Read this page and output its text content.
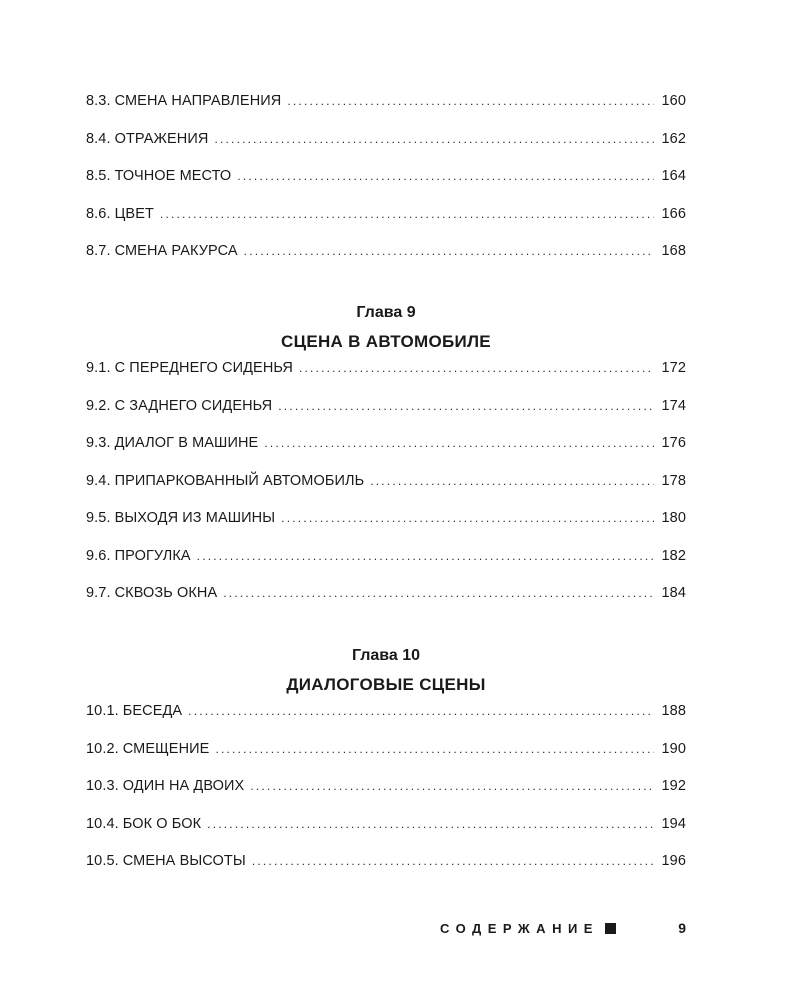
8.3. СМЕНА НАПРАВЛЕНИЯ .....	160
8.4. ОТРАЖЕНИЯ .....	162
8.5. ТОЧНОЕ МЕСТО .....	164
8.6. ЦВЕТ .....	166
8.7. СМЕНА РАКУРСА .....	168
Глава 9
СЦЕНА В АВТОМОБИЛЕ
9.1. С ПЕРЕДНЕГО СИДЕНЬЯ .....	172
9.2. С ЗАДНЕГО СИДЕНЬЯ .....	174
9.3. ДИАЛОГ В МАШИНЕ .....	176
9.4. ПРИПАРКОВАННЫЙ АВТОМОБИЛЬ .....	178
9.5. ВЫХОДЯ ИЗ МАШИНЫ .....	180
9.6. ПРОГУЛКА .....	182
9.7. СКВОЗЬ ОКНА .....	184
Глава 10
ДИАЛОГОВЫЕ СЦЕНЫ
10.1. БЕСЕДА .....	188
10.2. СМЕЩЕНИЕ .....	190
10.3. ОДИН НА ДВОИХ .....	192
10.4. БОК О БОК .....	194
10.5. СМЕНА ВЫСОТЫ .....	196
СОДЕРЖАНИЕ	9
